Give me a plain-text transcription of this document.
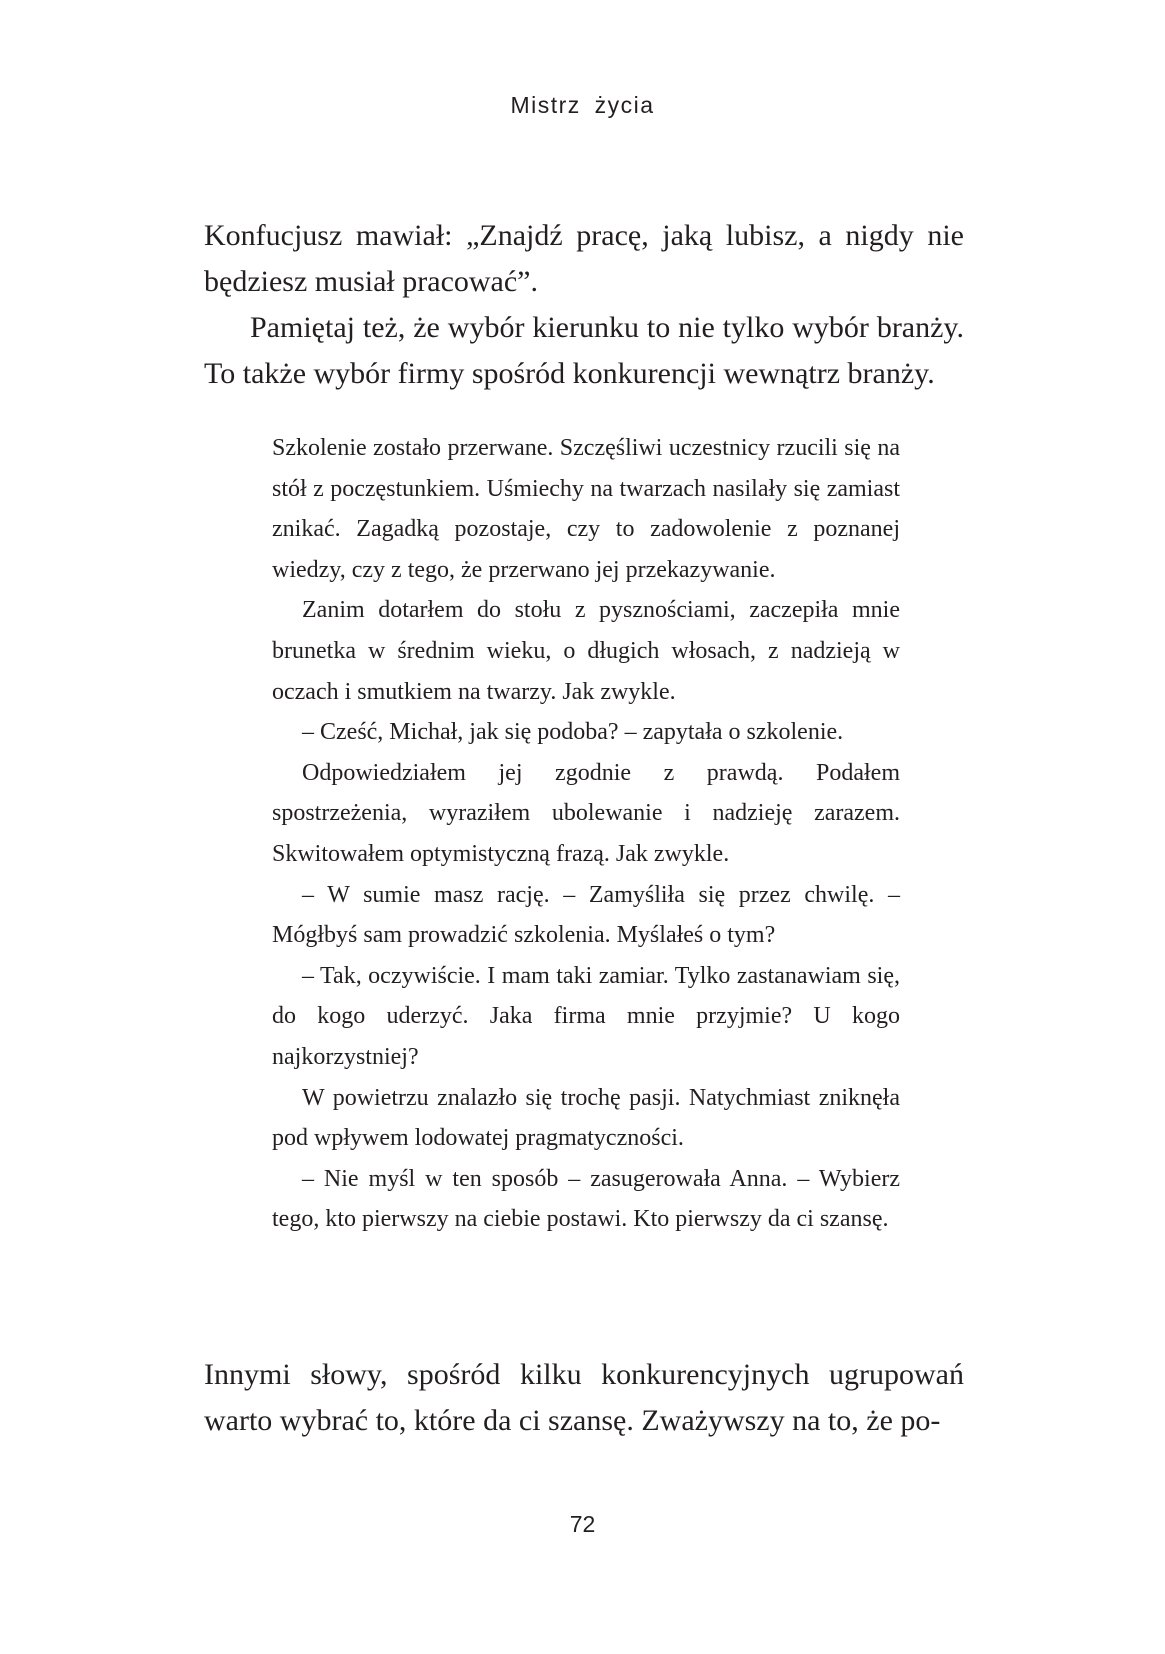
Mistrz życia

Konfucjusz mawiał: „Znajdź pracę, jaką lubisz, a nigdy nie będziesz musiał pracować”.

Pamiętaj też, że wybór kierunku to nie tylko wybór branży. To także wybór firmy spośród konkurencji wewnątrz branży.

Szkolenie zostało przerwane. Szczęśliwi uczestnicy rzucili się na stół z poczęstunkiem. Uśmiechy na twarzach nasilały się zamiast znikać. Zagadką pozostaje, czy to zadowolenie z poznanej wiedzy, czy z tego, że przerwano jej przekazywanie.

Zanim dotarłem do stołu z pysznościami, zaczepiła mnie brunetka w średnim wieku, o długich włosach, z nadzieją w oczach i smutkiem na twarzy. Jak zwykle.

– Cześć, Michał, jak się podoba? – zapytała o szkolenie.

Odpowiedziałem jej zgodnie z prawdą. Podałem spostrzeżenia, wyraziłem ubolewanie i nadzieję zarazem. Skwitowałem optymistyczną frazą. Jak zwykle.

– W sumie masz rację. – Zamyśliła się przez chwilę. – Mógłbyś sam prowadzić szkolenia. Myślałeś o tym?

– Tak, oczywiście. I mam taki zamiar. Tylko zastanawiam się, do kogo uderzyć. Jaka firma mnie przyjmie? U kogo najkorzystniej?

W powietrzu znalazło się trochę pasji. Natychmiast zniknęła pod wpływem lodowatej pragmatyczności.

– Nie myśl w ten sposób – zasugerowała Anna. – Wybierz tego, kto pierwszy na ciebie postawi. Kto pierwszy da ci szansę.

Innymi słowy, spośród kilku konkurencyjnych ugrupowań warto wybrać to, które da ci szansę. Zważywszy na to, że po-

72
